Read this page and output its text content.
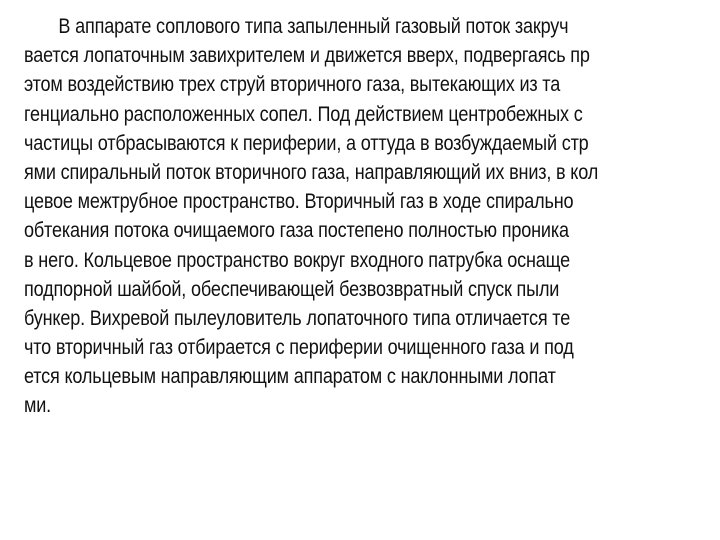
В аппарате соплового типа запыленный газовый поток закруч
вается лопаточным завихрителем и движется вверх, подвергаясь пр
этом воздействию трех струй вторичного газа, вытекающих из та
генциально расположенных сопел. Под действием центробежных с
частицы отбрасываются к периферии, а оттуда в возбуждаемый стр
ями спиральный поток вторичного газа, направляющий их вниз, в кол
цевое межтрубное пространство. Вторичный газ в ходе спирально
обтекания потока очищаемого газа постепено полностью проника
в него. Кольцевое пространство вокруг входного патрубка оснаще
подпорной шайбой, обеспечивающей безвозвратный спуск пыли
бункер. Вихревой пылеуловитель лопаточного типа отличается те
что вторичный газ отбирается с периферии очищенного газа и под
ется кольцевым направляющим аппаратом с наклонными лопат
ми.
